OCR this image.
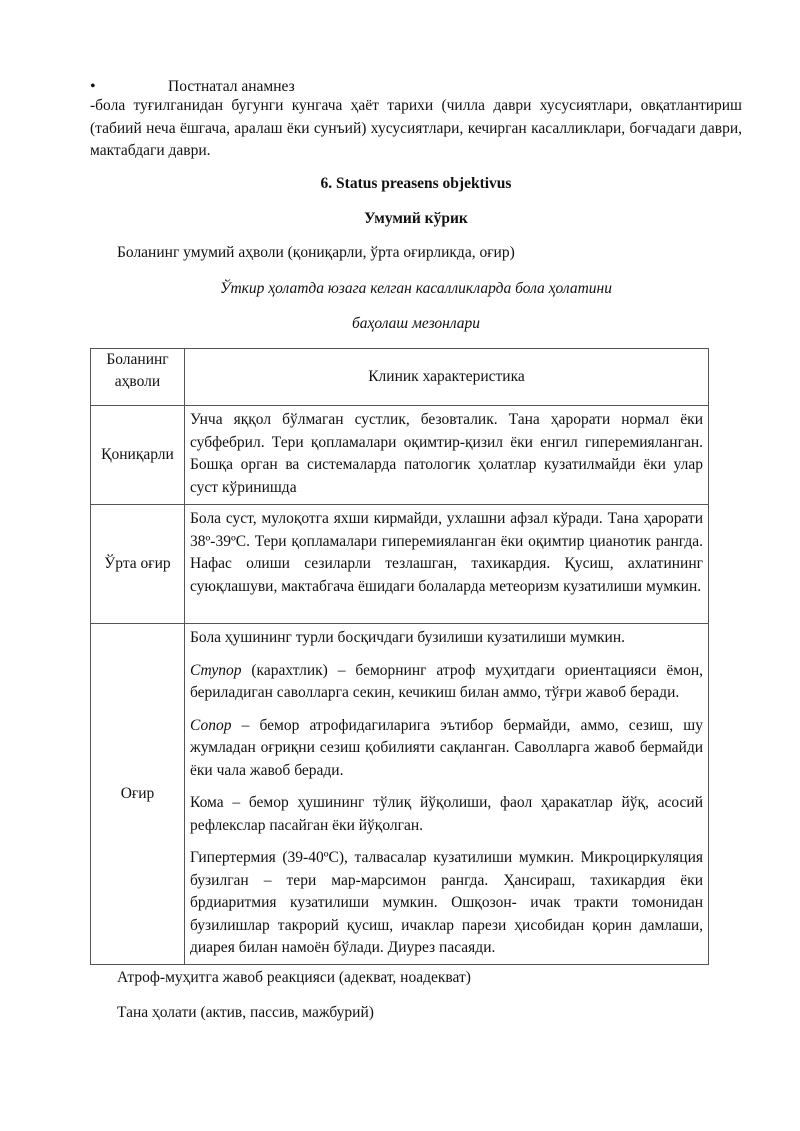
•	Постнатал анамнез
-бола туғилганидан бугунги кунгача ҳаёт тарихи (чилла даври хусусиятлари, овқатлантириш (табиий неча ёшгача, аралаш ёки сунъий) хусусиятлари, кечирган касалликлари, боғчадаги даври, мактабдаги даври.
6. Status preasens objektivus
Умумий кўрик
Боланинг умумий аҳволи (қониқарли, ўрта оғирликда, оғир)
Ўткир ҳолатда юзага келган касалликларда бола ҳолатини
баҳолаш мезонлари
Боланинг
аҳволи	Клиник характеристика
Қониқарли	Унча яққол бўлмаган сустлик, безовталик. Тана ҳарорати нормал ёки субфебрил. Тери қопламалари оқимтир-қизил ёки енгил гиперемияланган. Бошқа орган ва системаларда патологик ҳолатлар кузатилмайди ёки улар суст кўринишда

Ўрта оғир	Бола суст, мулоқотга яхши кирмайди, ухлашни афзал кўради. Тана ҳарорати 38º-39ºС. Тери қопламалари гиперемияланган ёки оқимтир цианотик рангда. Нафас олиши сезиларли тезлашган, тахикардия. Қусиш, ахлатининг суюқлашуви, мактабгача ёшидаги болаларда метеоризм кузатилиши мумкин.

Оғир	Бола ҳушининг турли босқичдаги бузилиши кузатилиши мумкин.

Ступор (карахтлик) – беморнинг атроф муҳитдаги ориентацияси ёмон, бериладиган саволларга секин, кечикиш билан аммо, тўғри жавоб беради.

Сопор – бемор атрофидагиларига эътибор бермайди, аммо, сезиш, шу жумладан оғриқни сезиш қобилияти сақланган. Саволларга жавоб бермайди ёки чала жавоб беради.

Кома – бемор ҳушининг тўлиқ йўқолиши, фаол ҳаракатлар йўқ, асосий рефлекслар пасайган ёки йўқолган.

Гипертермия (39-40ºС), талвасалар кузатилиши мумкин. Микроциркуляция бузилган – тери мар-марсимон рангда. Ҳансираш, тахикардия ёки брдиаритмия кузатилиши мумкин. Ошқозон- ичак тракти томонидан бузилишлар такрорий қусиш, ичаклар парези ҳисобидан қорин дамлаши, диарея билан намоён бўлади. Диурез пасаяди.

Атроф-муҳитга жавоб реакцияси (адекват, ноадекват)
Тана ҳолати (актив, пассив, мажбурий)
